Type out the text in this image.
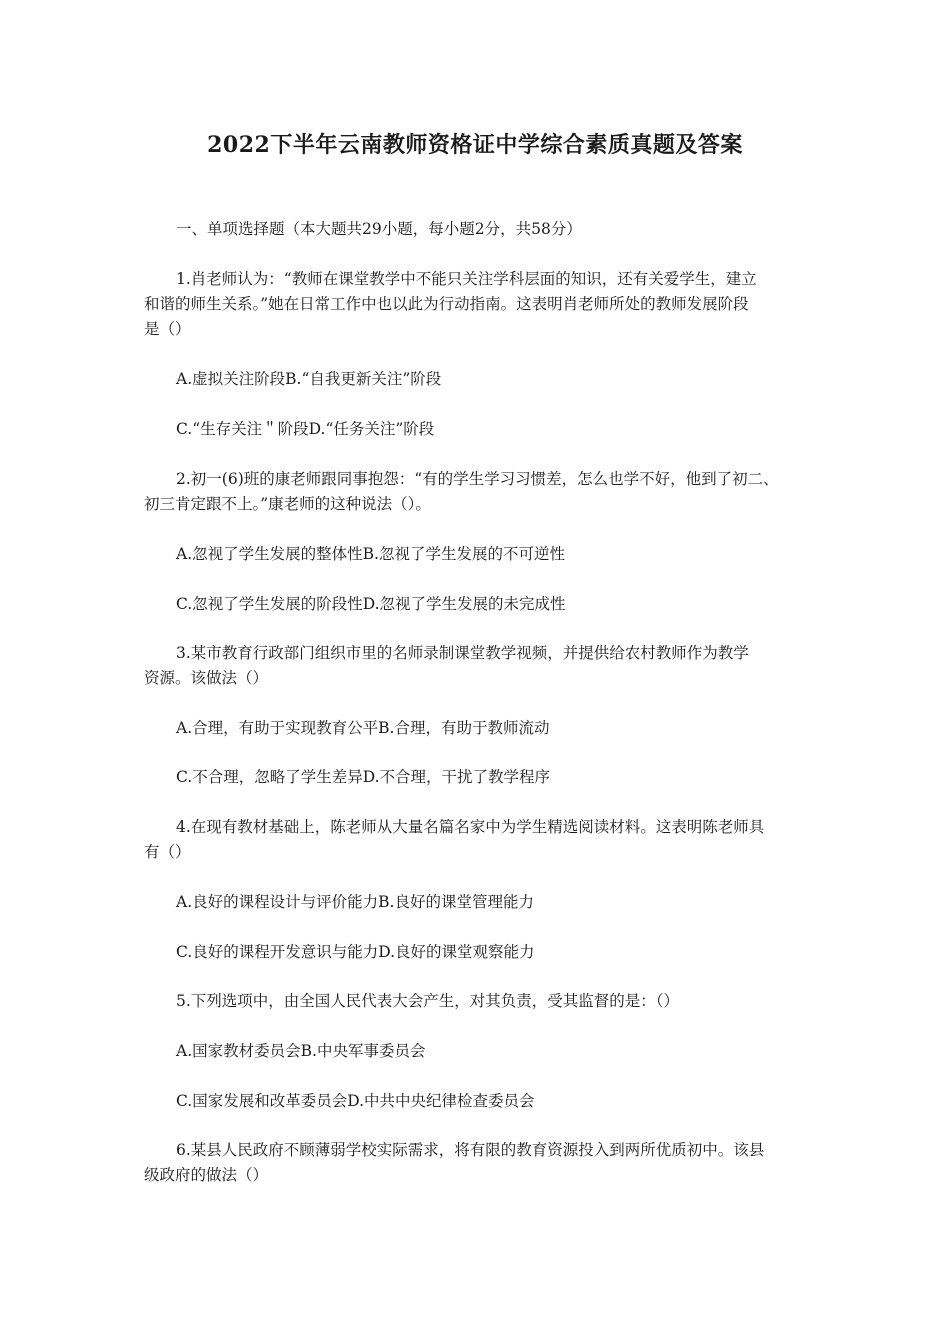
2022下半年云南教师资格证中学综合素质真题及答案
一、单项选择题（本大题共29小题，每小题2分，共58分）
1.肖老师认为：“教师在课堂教学中不能只关注学科层面的知识，还有关爱学生，建立
和谐的师生关系。”她在日常工作中也以此为行动指南。这表明肖老师所处的教师发展阶段
是（）
A.虚拟关注阶段B.“自我更新关注”阶段
C.“生存关注＂阶段D.“任务关注”阶段
2.初一(6)班的康老师跟同事抱怨：“有的学生学习习惯差，怎么也学不好，他到了初二、
初三肯定跟不上。”康老师的这种说法（）。
A.忽视了学生发展的整体性B.忽视了学生发展的不可逆性
C.忽视了学生发展的阶段性D.忽视了学生发展的未完成性
3.某市教育行政部门组织市里的名师录制课堂教学视频，并提供给农村教师作为教学
资源。该做法（）
A.合理，有助于实现教育公平B.合理，有助于教师流动
C.不合理，忽略了学生差异D.不合理，干扰了教学程序
4.在现有教材基础上，陈老师从大量名篇名家中为学生精选阅读材料。这表明陈老师具
有（）
A.良好的课程设计与评价能力B.良好的课堂管理能力
C.良好的课程开发意识与能力D.良好的课堂观察能力
5.下列选项中，由全国人民代表大会产生，对其负责，受其监督的是：（）
A.国家教材委员会B.中央军事委员会
C.国家发展和改革委员会D.中共中央纪律检查委员会
6.某县人民政府不顾薄弱学校实际需求，将有限的教育资源投入到两所优质初中。该县
级政府的做法（）
